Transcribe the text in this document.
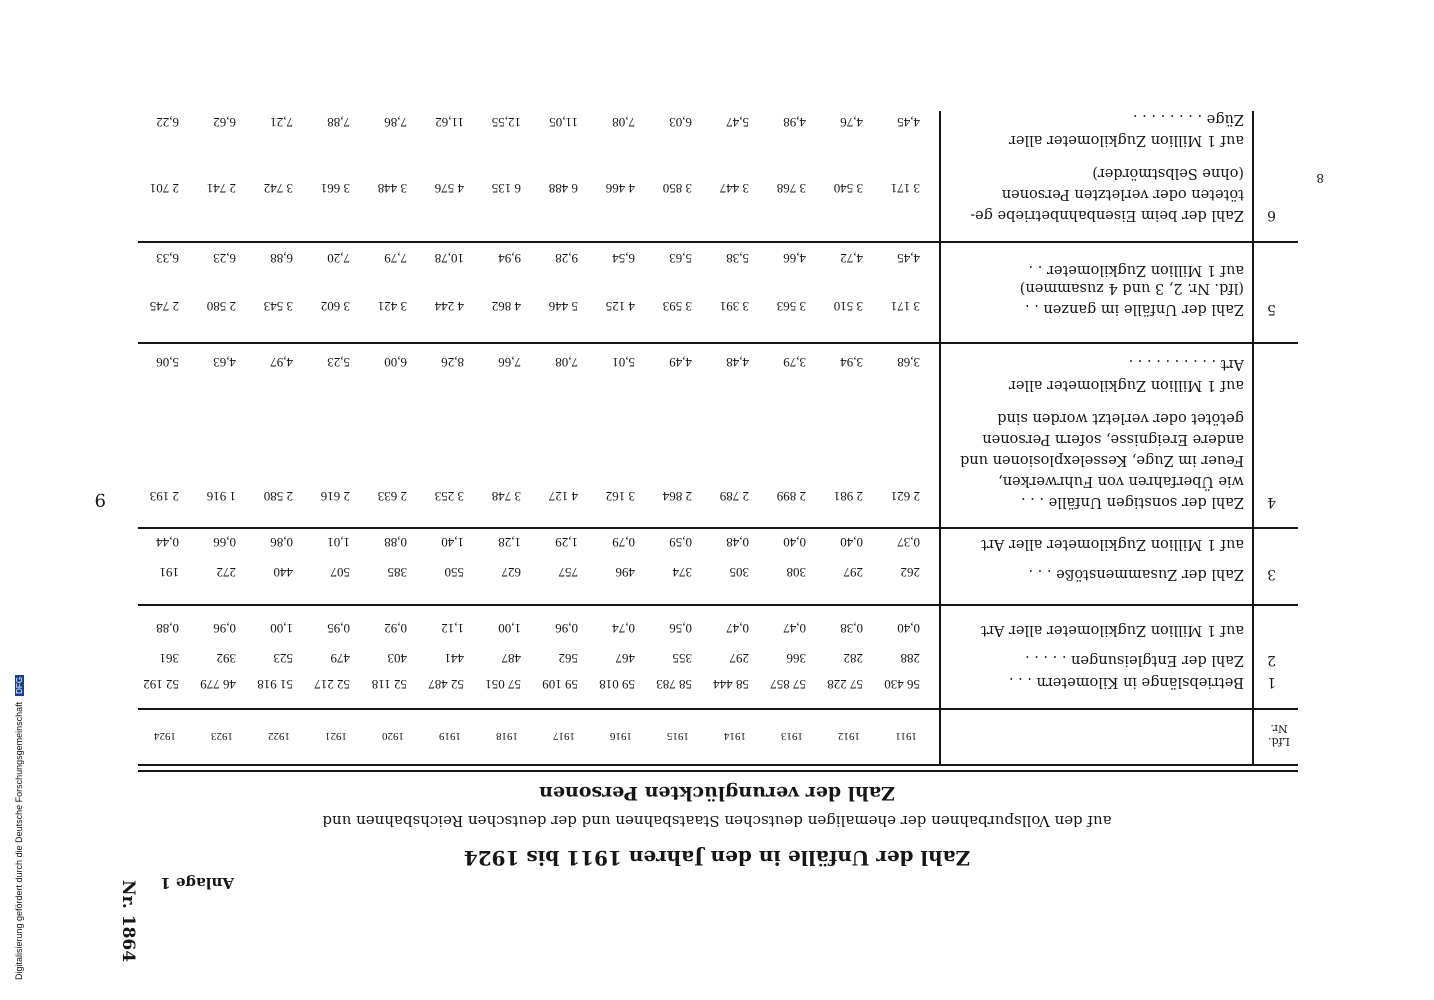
Digitalisierung gefördert durch die Deutsche ForschungsgemeinschaftDFG
Anlage 1
Zahl der Unfälle in den Jahren 1911 bis 1924
auf den Vollspurbahnen der ehemaligen deutschen Staatsbahnen und der deutschen Reichsbahnen und
Zahl der verunglückten Personen
9
Nr. 1864
8
Lfd. Nr.
1911
1912
1913
1914
1915
1916
1917
1918
1919
1920
1921
1922
1923
1924
1
Betriebslänge in Kilometern . . .
56 430
57 228
57 857
58 444
58 783
59 018
59 109
57 051
52 487
52 118
52 217
51 918
46 779
52 192
2
Zahl der Entgleisungen . . . . .
288
282
366
297
355
467
562
487
441
403
479
523
392
361
auf 1 Million Zugkilometer aller Art
0,40
0,38
0,47
0,47
0,56
0,74
0,96
1,00
1,12
0,92
0,95
1,00
0,96
0,88
3
Zahl der Zusammenstöße . . .
262
297
308
305
374
496
757
627
550
385
507
440
272
191
auf 1 Million Zugkilometer aller Art
0,37
0,40
0,40
0,48
0,59
0,79
1,29
1,28
1,40
0,88
1,01
0,86
0,66
0,44
4
Zahl der sonstigen Unfälle . . .
wie Überfahren von Fuhrwerken,
Feuer im Zuge, Kesselexplosionen und
andere Ereignisse, sofern Personen
getötet oder verletzt worden sind
2 621
2 981
2 899
2 789
2 864
3 162
4 127
3 748
3 253
2 633
2 616
2 580
1 916
2 193
auf 1 Million Zugkilometer aller
Art . . . . . . . . . .
3,68
3,94
3,79
4,48
4,49
5,01
7,08
7,66
8,26
6,00
5,23
4,97
4,63
5,06
5
Zahl der Unfälle im ganzen . .
(lfd. Nr. 2, 3 und 4 zusammen)
3 171
3 510
3 563
3 391
3 593
4 125
5 446
4 862
4 244
3 421
3 602
3 543
2 580
2 745
auf 1 Million Zugkilometer . .
4,45
4,72
4,66
5,38
5,63
6,54
9,28
9,94
10,78
7,79
7,20
6,88
6,23
6,33
6
Zahl der beim Eisenbahnbetriebe ge-
töteten oder verletzten Personen
(ohne Selbstmörder)
3 171
3 540
3 768
3 447
3 850
4 466
6 488
6 135
4 576
3 448
3 661
3 742
2 741
2 701
auf 1 Million Zugkilometer aller
Züge . . . . . . . .
4,45
4,76
4,98
5,47
6,03
7,08
11,05
12,55
11,62
7,86
7,88
7,21
6,62
6,22
